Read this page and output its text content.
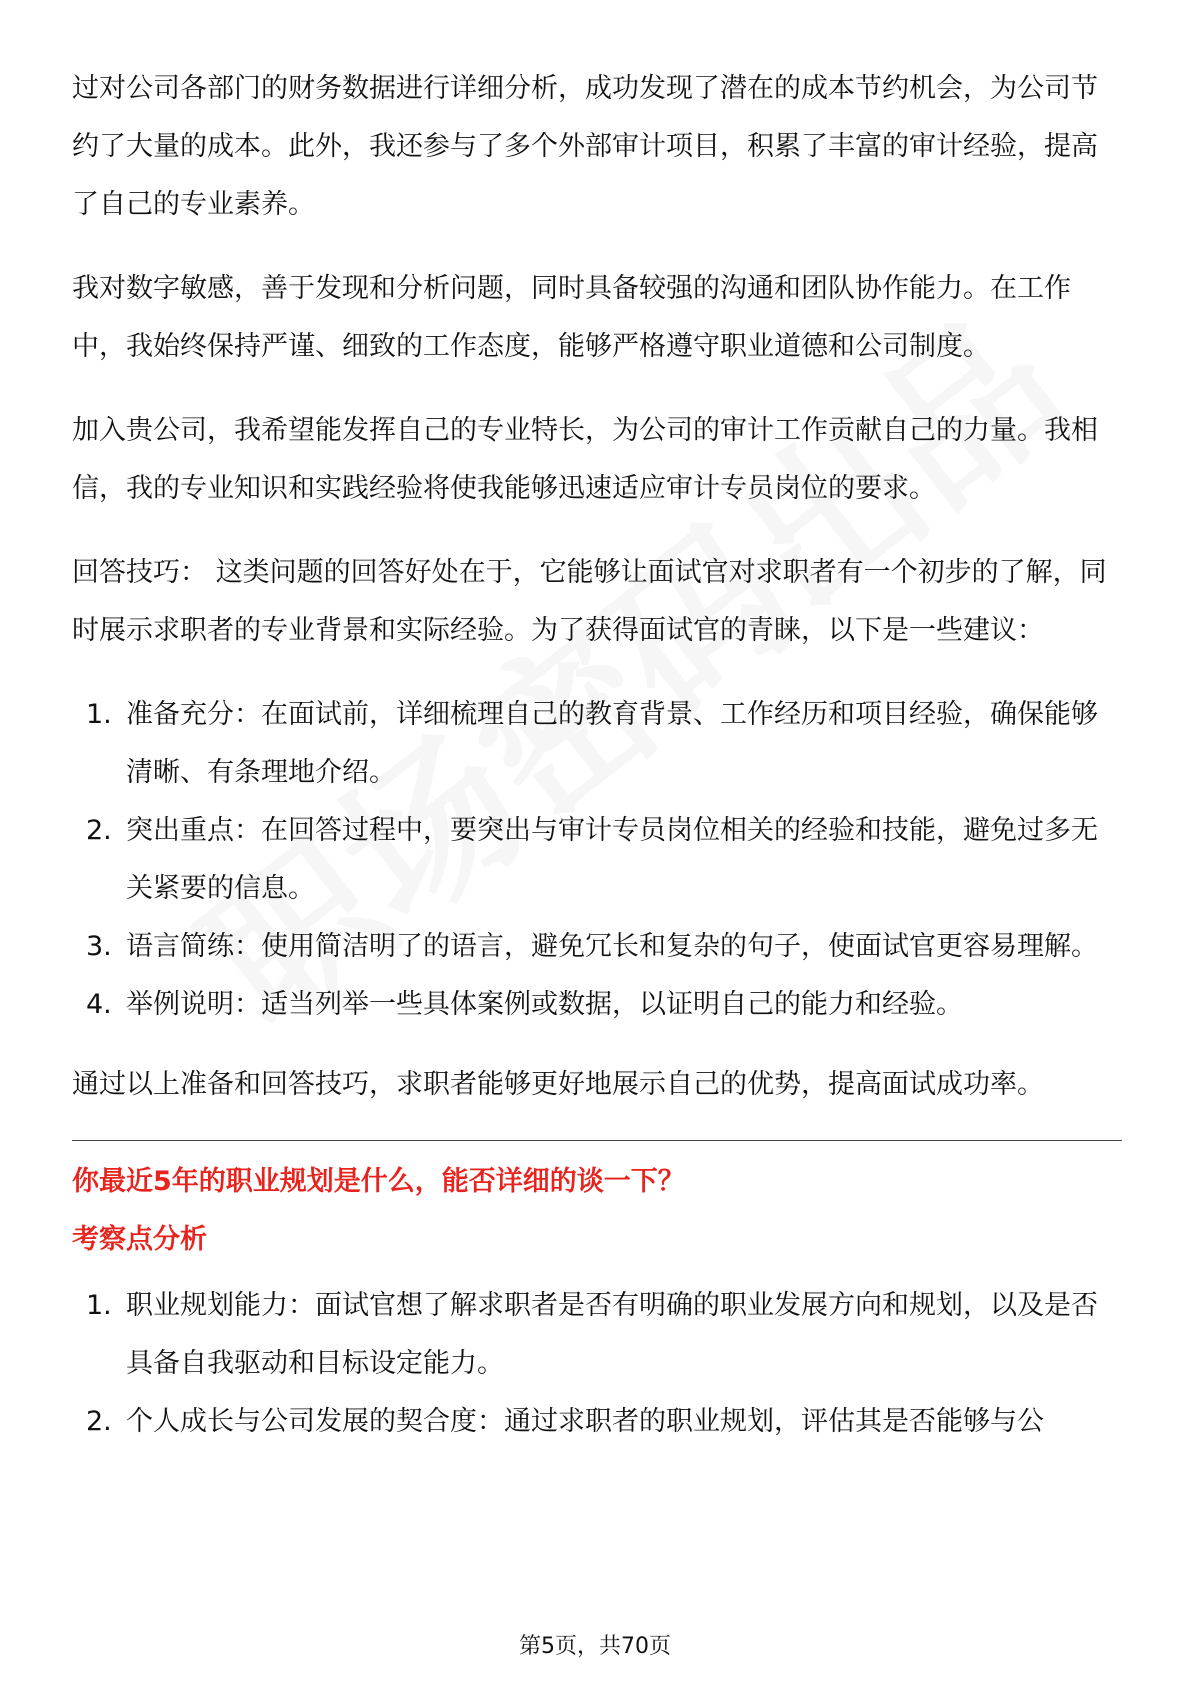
过对公司各部门的财务数据进行详细分析，成功发现了潜在的成本节约机会，为公司节约了大量的成本。此外，我还参与了多个外部审计项目，积累了丰富的审计经验，提高了自己的专业素养。

我对数字敏感，善于发现和分析问题，同时具备较强的沟通和团队协作能力。在工作中，我始终保持严谨、细致的工作态度，能够严格遵守职业道德和公司制度。

加入贵公司，我希望能发挥自己的专业特长，为公司的审计工作贡献自己的力量。我相信，我的专业知识和实践经验将使我能够迅速适应审计专员岗位的要求。

回答技巧： 这类问题的回答好处在于，它能够让面试官对求职者有一个初步的了解，同时展示求职者的专业背景和实际经验。为了获得面试官的青睐，以下是一些建议：

1. 准备充分：在面试前，详细梳理自己的教育背景、工作经历和项目经验，确保能够清晰、有条理地介绍。
2. 突出重点：在回答过程中，要突出与审计专员岗位相关的经验和技能，避免过多无关紧要的信息。
3. 语言简练：使用简洁明了的语言，避免冗长和复杂的句子，使面试官更容易理解。
4. 举例说明：适当列举一些具体案例或数据，以证明自己的能力和经验。

通过以上准备和回答技巧，求职者能够更好地展示自己的优势，提高面试成功率。

你最近5年的职业规划是什么，能否详细的谈一下？
考察点分析
1. 职业规划能力：面试官想了解求职者是否有明确的职业发展方向和规划，以及是否具备自我驱动和目标设定能力。
2. 个人成长与公司发展的契合度：通过求职者的职业规划，评估其是否能够与公
第5页，共70页
